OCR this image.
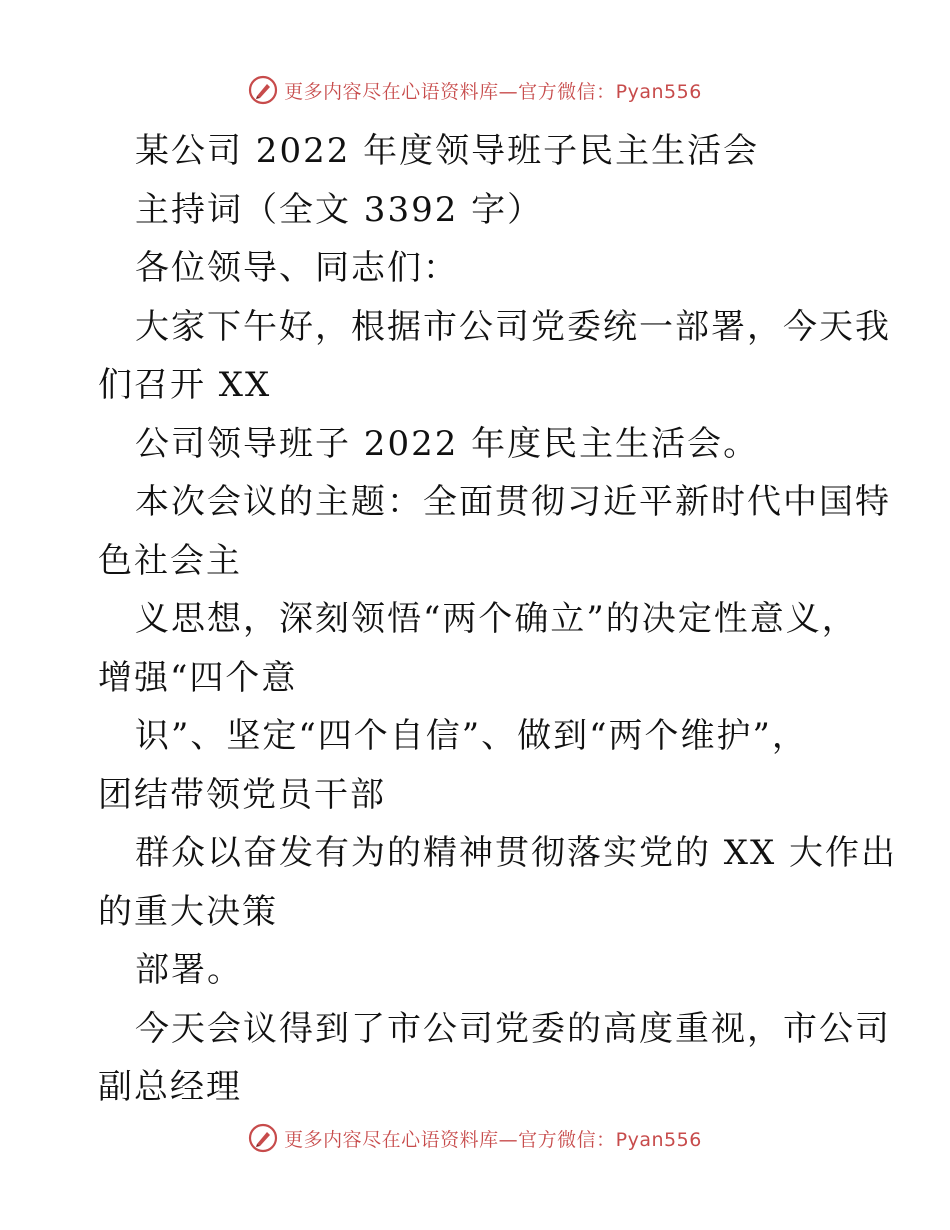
更多内容尽在心语资料库—官方微信：Pyan556

某公司 2022 年度领导班子民主生活会

主持词（全文 3392 字）

各位领导、同志们：

大家下午好，根据市公司党委统一部署，今天我

们召开 XX

公司领导班子 2022 年度民主生活会。

本次会议的主题：全面贯彻习近平新时代中国特

色社会主

义思想，深刻领悟“两个确立”的决定性意义，

增强“四个意

识”、坚定“四个自信”、做到“两个维护”，

团结带领党员干部

群众以奋发有为的精神贯彻落实党的 XX 大作出

的重大决策

部署。

今天会议得到了市公司党委的高度重视，市公司

副总经理

更多内容尽在心语资料库—官方微信：Pyan556
